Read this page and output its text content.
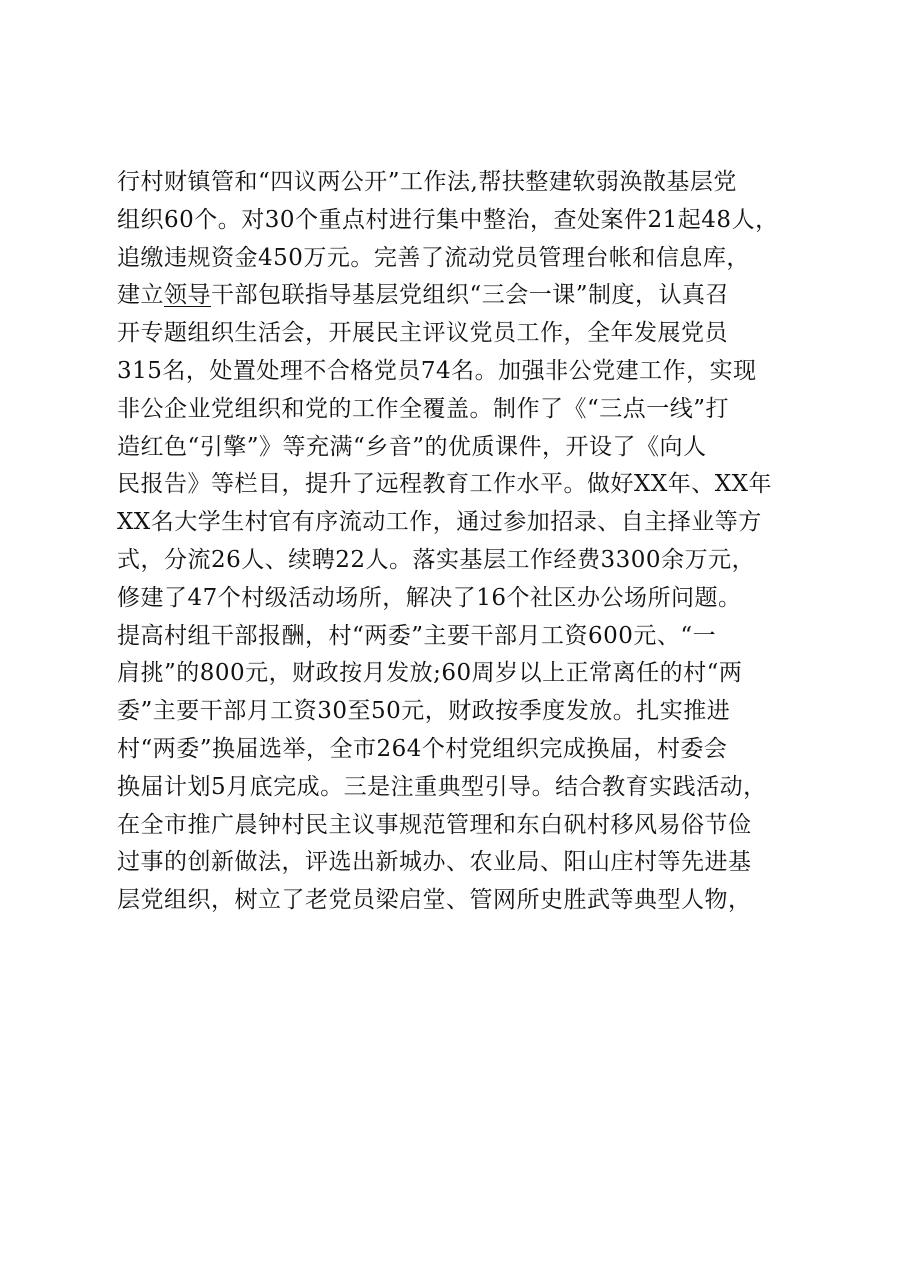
行村财镇管和“四议两公开”工作法,帮扶整建软弱涣散基层党
组织60个。对30个重点村进行集中整治，查处案件21起48人，
追缴违规资金450万元。完善了流动党员管理台帐和信息库，
建立领导干部包联指导基层党组织“三会一课”制度，认真召
开专题组织生活会，开展民主评议党员工作，全年发展党员
315名，处置处理不合格党员74名。加强非公党建工作，实现
非公企业党组织和党的工作全覆盖。制作了《“三点一线”打
造红色“引擎”》等充满“乡音”的优质课件，开设了《向人
民报告》等栏目，提升了远程教育工作水平。做好XX年、XX年
XX名大学生村官有序流动工作，通过参加招录、自主择业等方
式，分流26人、续聘22人。落实基层工作经费3300余万元，
修建了47个村级活动场所，解决了16个社区办公场所问题。
提高村组干部报酬，村“两委”主要干部月工资600元、“一
肩挑”的800元，财政按月发放;60周岁以上正常离任的村“两
委”主要干部月工资30至50元，财政按季度发放。扎实推进
村“两委”换届选举，全市264个村党组织完成换届，村委会
换届计划5月底完成。三是注重典型引导。结合教育实践活动，
在全市推广晨钟村民主议事规范管理和东白矾村移风易俗节俭
过事的创新做法，评选出新城办、农业局、阳山庄村等先进基
层党组织，树立了老党员梁启堂、管网所史胜武等典型人物，
